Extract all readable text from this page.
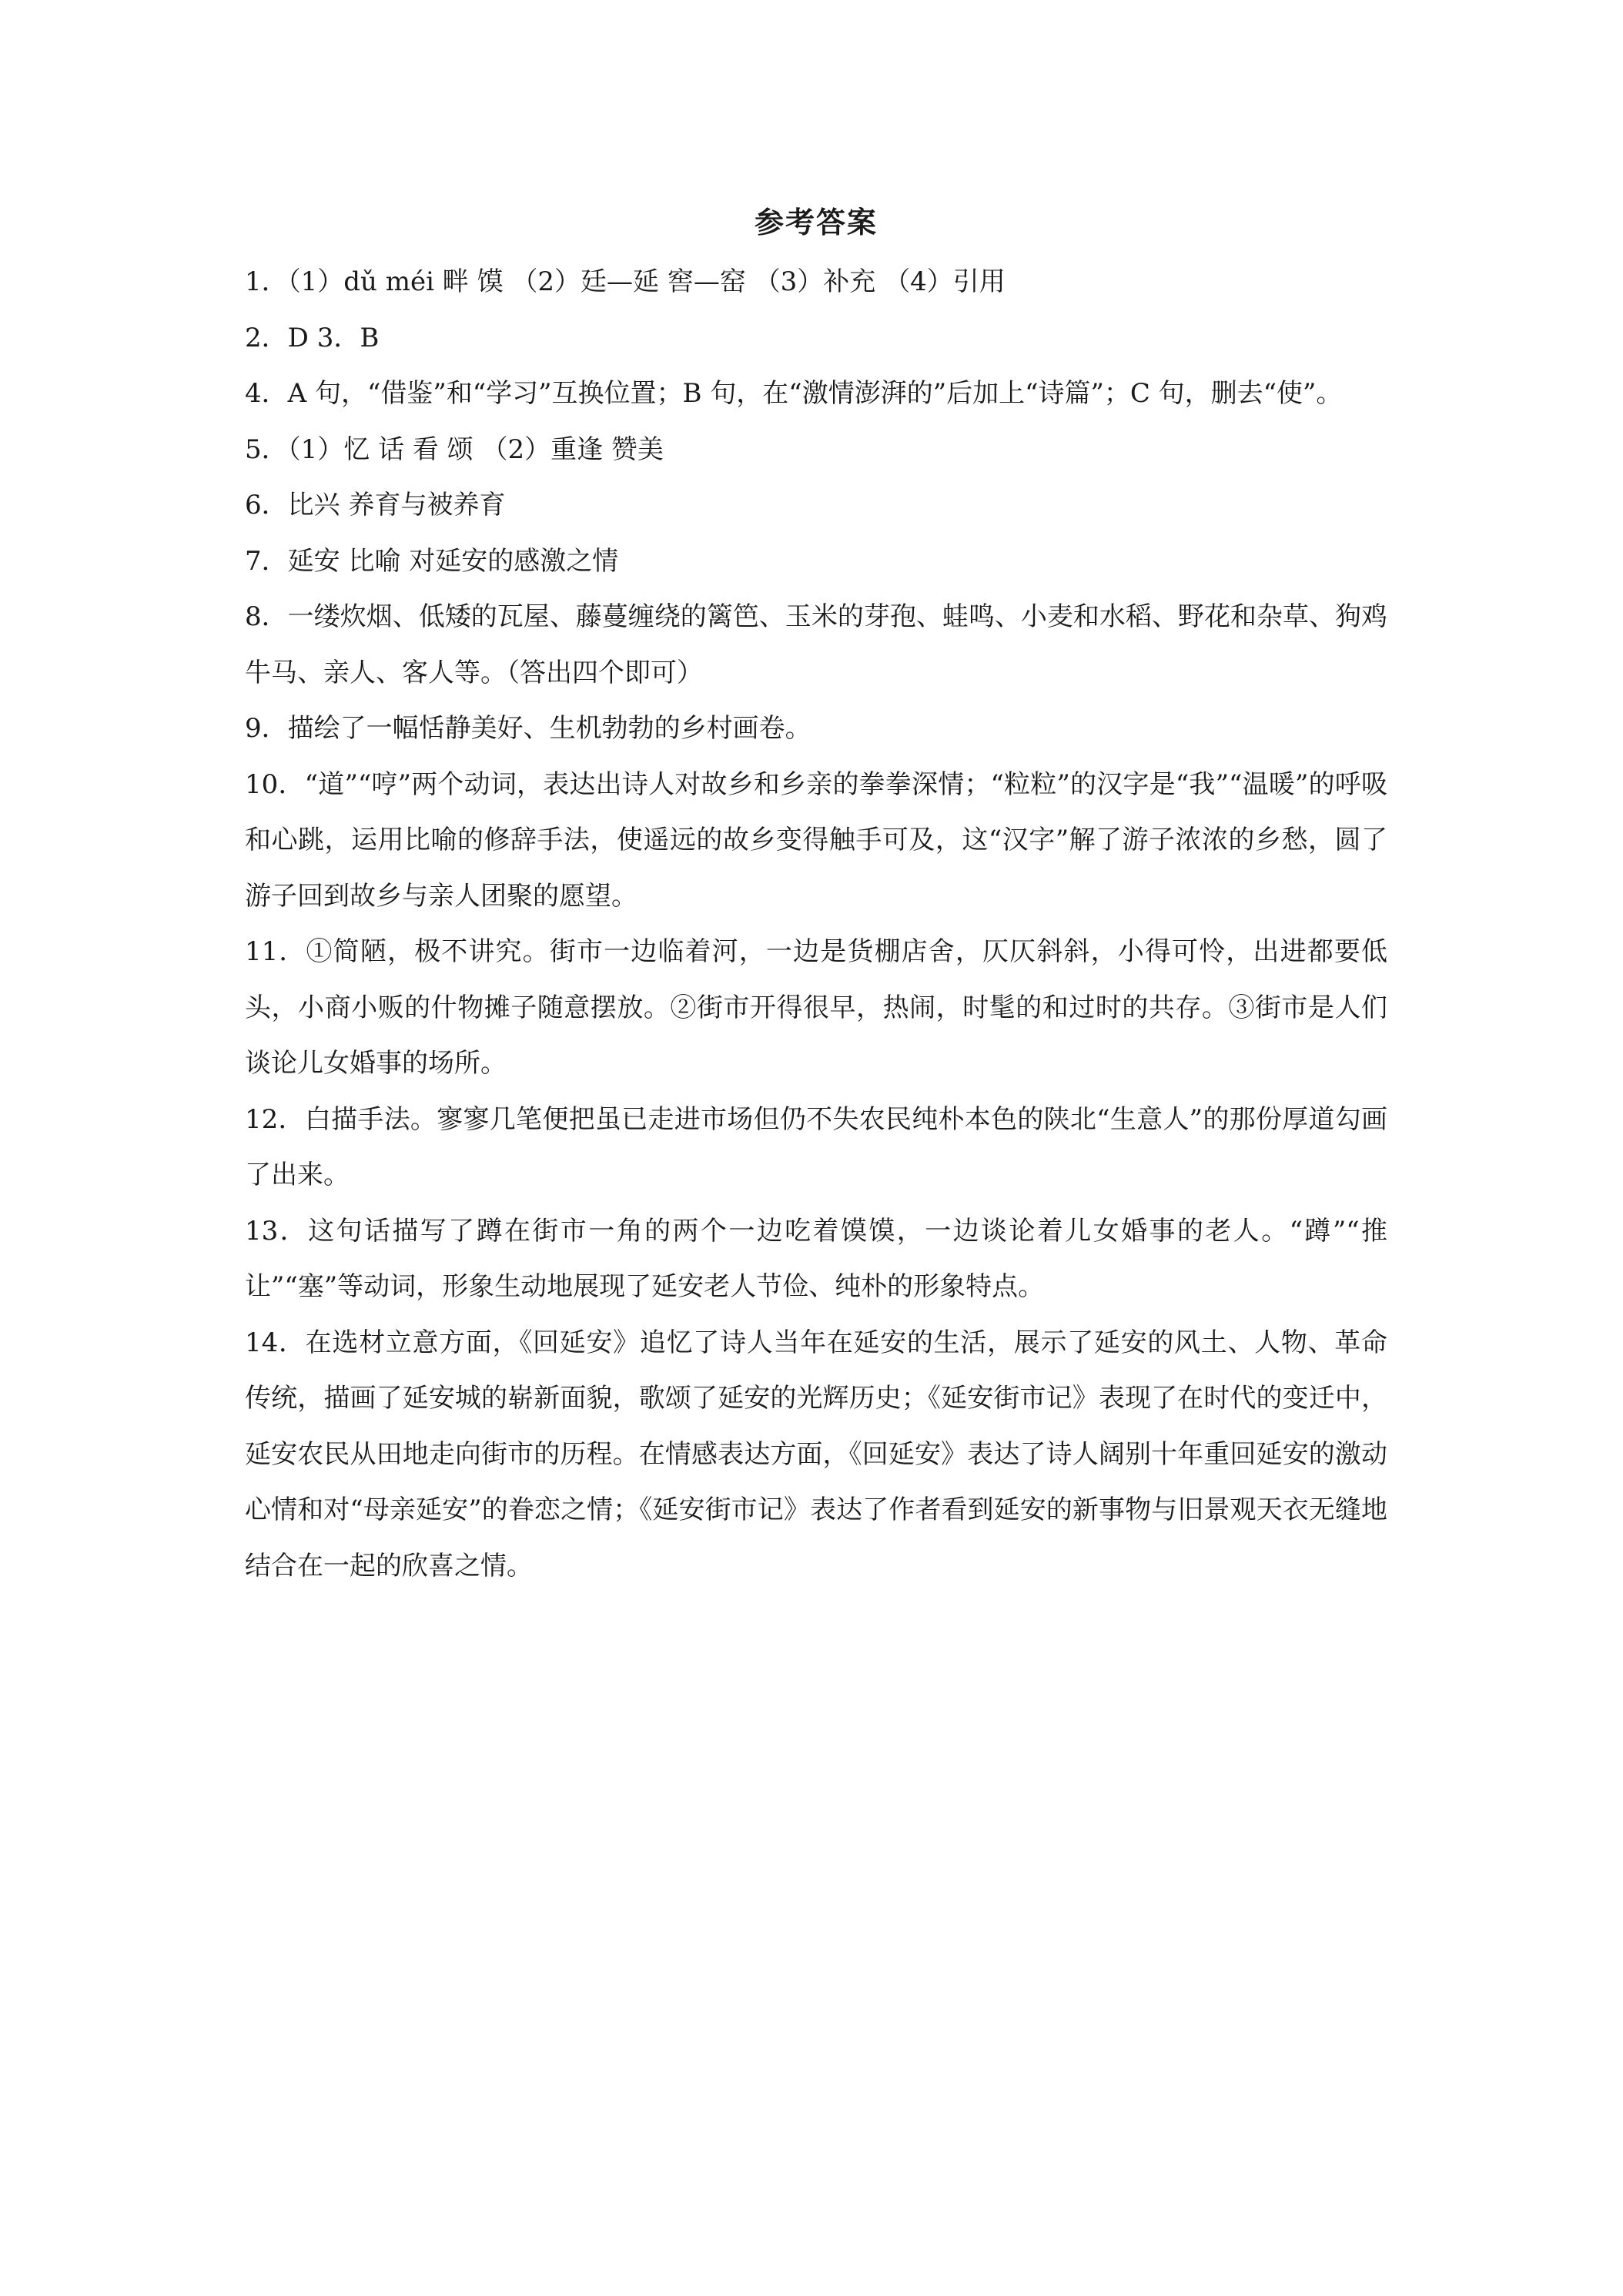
参考答案
1．（1）dǔ méi 畔 馍 （2）廷—延 窖—窑 （3）补充 （4）引用
2．D 3．B
4．A 句，“借鉴”和“学习”互换位置；B 句，在“激情澎湃的”后加上“诗篇”；C 句，删去“使”。
5．（1）忆 话 看 颂 （2）重逢 赞美
6．比兴 养育与被养育
7．延安 比喻 对延安的感激之情
8．一缕炊烟、低矮的瓦屋、藤蔓缠绕的篱笆、玉米的芽孢、蛙鸣、小麦和水稻、野花和杂草、狗鸡牛马、亲人、客人等。（答出四个即可）
9．描绘了一幅恬静美好、生机勃勃的乡村画卷。
10．“道”“哼”两个动词，表达出诗人对故乡和乡亲的拳拳深情；“粒粒”的汉字是“我”“温暖”的呼吸和心跳，运用比喻的修辞手法，使遥远的故乡变得触手可及，这“汉字”解了游子浓浓的乡愁，圆了游子回到故乡与亲人团聚的愿望。
11．①简陋，极不讲究。街市一边临着河，一边是货棚店舍，仄仄斜斜，小得可怜，出进都要低头，小商小贩的什物摊子随意摆放。②街市开得很早，热闹，时髦的和过时的共存。③街市是人们谈论儿女婚事的场所。
12．白描手法。寥寥几笔便把虽已走进市场但仍不失农民纯朴本色的陕北“生意人”的那份厚道勾画了出来。
13．这句话描写了蹲在街市一角的两个一边吃着馍馍，一边谈论着儿女婚事的老人。“蹲”“推让”“塞”等动词，形象生动地展现了延安老人节俭、纯朴的形象特点。
14．在选材立意方面，《回延安》追忆了诗人当年在延安的生活，展示了延安的风土、人物、革命传统，描画了延安城的崭新面貌，歌颂了延安的光辉历史；《延安街市记》表现了在时代的变迁中，延安农民从田地走向街市的历程。在情感表达方面，《回延安》表达了诗人阔别十年重回延安的激动心情和对“母亲延安”的眷恋之情；《延安街市记》表达了作者看到延安的新事物与旧景观天衣无缝地结合在一起的欣喜之情。
